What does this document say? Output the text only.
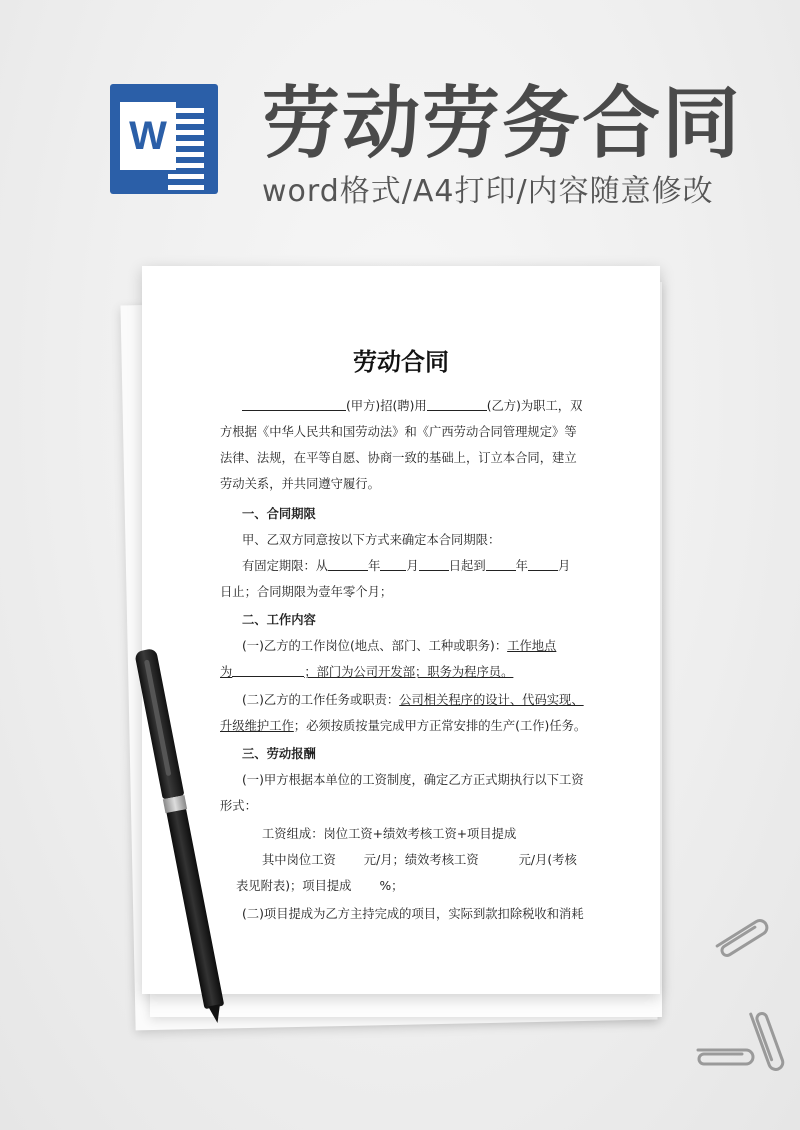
W 劳动劳务合同
word格式/A4打印/内容随意修改
劳动合同
(甲方)招(聘)用	(乙方)为职工，双
方根据《中华人民共和国劳动法》和《广西劳动合同管理规定》等
法律、法规，在平等自愿、协商一致的基础上，订立本合同，建立
劳动关系，并共同遵守履行。
一、合同期限
甲、乙双方同意按以下方式来确定本合同期限：
有固定期限：从	年 月 日起到 年 月
日止；合同期限为壹年零个月；
二、工作内容
(一)乙方的工作岗位(地点、部门、工种或职务)：工作地点
为	；部门为公司开发部；职务为程序员。
(二)乙方的工作任务或职责：公司相关程序的设计、代码实现、
升级维护工作；必须按质按量完成甲方正常安排的生产(工作)任务。
三、劳动报酬
(一)甲方根据本单位的工资制度，确定乙方正式期执行以下工资
形式：
工资组成：岗位工资+绩效考核工资+项目提成
其中岗位工资 元/月；绩效考核工资	元/月(考核
表见附表)；项目提成 %；
(二)项目提成为乙方主持完成的项目，实际到款扣除税收和消耗
